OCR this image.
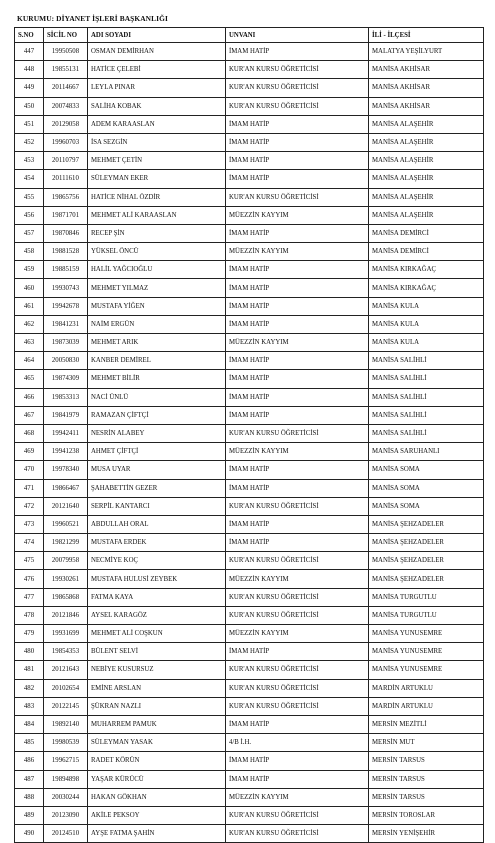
KURUMU: DİYANET İŞLERİ BAŞKANLIĞI
S.NO	SİCİL NO	ADI SOYADI	UNVANI	İLİ - İLÇESİ
447	19950508	OSMAN DEMİRHAN	İMAM HATİP	MALATYA YEŞİLYURT
448	19855131	HATİCE ÇELEBİ	KUR'AN KURSU ÖĞRETİCİSİ	MANİSA AKHİSAR
449	20114667	LEYLA PINAR	KUR'AN KURSU ÖĞRETİCİSİ	MANİSA AKHİSAR
450	20074833	SALİHA KOBAK	KUR'AN KURSU ÖĞRETİCİSİ	MANİSA AKHİSAR
451	20129058	ADEM KARAASLAN	İMAM HATİP	MANİSA ALAŞEHİR
452	19960703	İSA SEZGİN	İMAM HATİP	MANİSA ALAŞEHİR
453	20110797	MEHMET ÇETİN	İMAM HATİP	MANİSA ALAŞEHİR
454	20111610	SÜLEYMAN EKER	İMAM HATİP	MANİSA ALAŞEHİR
455	19865756	HATİCE NİHAL ÖZDİR	KUR'AN KURSU ÖĞRETİCİSİ	MANİSA ALAŞEHİR
456	19871701	MEHMET ALİ KARAASLAN	MÜEZZİN KAYYIM	MANİSA ALAŞEHİR
457	19870846	RECEP ŞİN	İMAM HATİP	MANİSA DEMİRCİ
458	19881528	YÜKSEL ÖNCÜ	MÜEZZİN KAYYIM	MANİSA DEMİRCİ
459	19885159	HALİL YAĞCIOĞLU	İMAM HATİP	MANİSA KIRKAĞAÇ
460	19930743	MEHMET YILMAZ	İMAM HATİP	MANİSA KIRKAĞAÇ
461	19942678	MUSTAFA YİĞEN	İMAM HATİP	MANİSA KULA
462	19841231	NAİM ERGÜN	İMAM HATİP	MANİSA KULA
463	19873039	MEHMET ARIK	MÜEZZİN KAYYIM	MANİSA KULA
464	20050830	KANBER DEMİREL	İMAM HATİP	MANİSA SALİHLİ
465	19874309	MEHMET BİLİR	İMAM HATİP	MANİSA SALİHLİ
466	19853313	NACİ ÜNLÜ	İMAM HATİP	MANİSA SALİHLİ
467	19841979	RAMAZAN ÇİFTÇİ	İMAM HATİP	MANİSA SALİHLİ
468	19942411	NESRİN ALABEY	KUR'AN KURSU ÖĞRETİCİSİ	MANİSA SALİHLİ
469	19941238	AHMET ÇİFTÇİ	MÜEZZİN KAYYIM	MANİSA SARUHANLI
470	19978340	MUSA UYAR	İMAM HATİP	MANİSA SOMA
471	19866467	ŞAHABETTİN GEZER	İMAM HATİP	MANİSA SOMA
472	20121640	SERPİL KANTARCI	KUR'AN KURSU ÖĞRETİCİSİ	MANİSA SOMA
473	19960521	ABDULLAH ORAL	İMAM HATİP	MANİSA ŞEHZADELER
474	19821299	MUSTAFA ERDEK	İMAM HATİP	MANİSA ŞEHZADELER
475	20079958	NECMİYE KOÇ	KUR'AN KURSU ÖĞRETİCİSİ	MANİSA ŞEHZADELER
476	19930261	MUSTAFA HULUSİ ZEYBEK	MÜEZZİN KAYYIM	MANİSA ŞEHZADELER
477	19865868	FATMA KAYA	KUR'AN KURSU ÖĞRETİCİSİ	MANİSA TURGUTLU
478	20121846	AYSEL KARAGÖZ	KUR'AN KURSU ÖĞRETİCİSİ	MANİSA TURGUTLU
479	19931699	MEHMET ALİ COŞKUN	MÜEZZİN KAYYIM	MANİSA YUNUSEMRE
480	19854353	BÜLENT SELVİ	İMAM HATİP	MANİSA YUNUSEMRE
481	20121643	NEBİYE KUSURSUZ	KUR'AN KURSU ÖĞRETİCİSİ	MANİSA YUNUSEMRE
482	20102654	EMİNE ARSLAN	KUR'AN KURSU ÖĞRETİCİSİ	MARDİN ARTUKLU
483	20122145	ŞÜKRAN NAZLI	KUR'AN KURSU ÖĞRETİCİSİ	MARDİN ARTUKLU
484	19892140	MUHARREM PAMUK	İMAM HATİP	MERSİN MEZİTLİ
485	19980539	SÜLEYMAN YASAK	4/B İ.H.	MERSİN MUT
486	19962715	RADET KÖRÜN	İMAM HATİP	MERSİN TARSUS
487	19894898	YAŞAR KÜRÜCÜ	İMAM HATİP	MERSİN TARSUS
488	20030244	HAKAN GÖKHAN	MÜEZZİN KAYYIM	MERSİN TARSUS
489	20123090	AKİLE PEKSOY	KUR'AN KURSU ÖĞRETİCİSİ	MERSİN TOROSLAR
490	20124510	AYŞE FATMA ŞAHİN	KUR'AN KURSU ÖĞRETİCİSİ	MERSİN YENİŞEHİR
